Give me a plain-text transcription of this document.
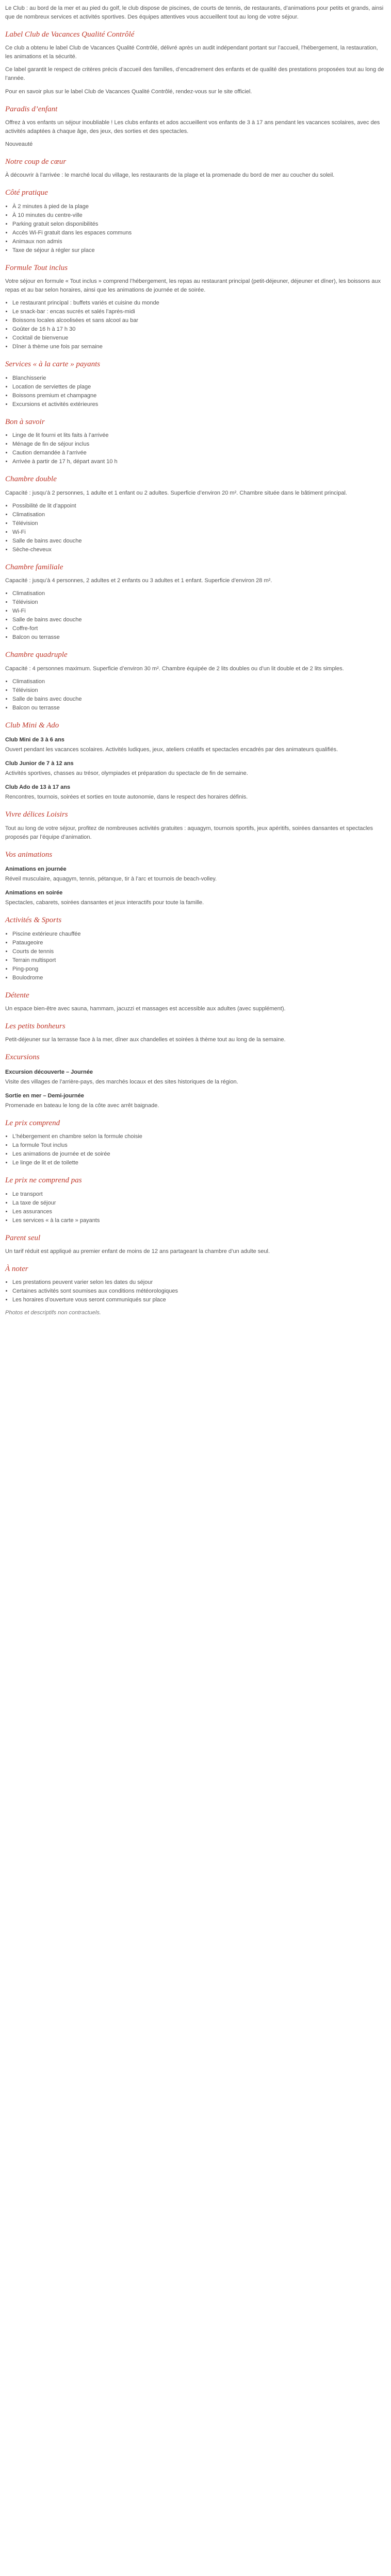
Le Club : au bord de la mer et au pied du golf, le club dispose de piscines, de courts de tennis, de restaurants, d’animations pour petits et grands, ainsi que de nombreux services et activités sportives. Des équipes attentives vous accueillent tout au long de votre séjour.

Label Club de Vacances Qualité Contrôlé

Ce club a obtenu le label Club de Vacances Qualité Contrôlé, délivré après un audit indépendant portant sur l’accueil, l’hébergement, la restauration, les animations et la sécurité.

Ce label garantit le respect de critères précis d’accueil des familles, d’encadrement des enfants et de qualité des prestations proposées tout au long de l’année.

Pour en savoir plus sur le label Club de Vacances Qualité Contrôlé, rendez-vous sur le site officiel.

Paradis d’enfant

Offrez à vos enfants un séjour inoubliable ! Les clubs enfants et ados accueillent vos enfants de 3 à 17 ans pendant les vacances scolaires, avec des activités adaptées à chaque âge, des jeux, des sorties et des spectacles.

Nouveauté

Notre coup de cœur

À découvrir à l’arrivée : le marché local du village, les restaurants de la plage et la promenade du bord de mer au coucher du soleil.

Côté pratique
• À 2 minutes à pied de la plage
• À 10 minutes du centre-ville
• Parking gratuit selon disponibilités
• Accès Wi-Fi gratuit dans les espaces communs
• Animaux non admis
• Taxe de séjour à régler sur place
Formule Tout inclus

Votre séjour en formule « Tout inclus » comprend l’hébergement, les repas au restaurant principal (petit-déjeuner, déjeuner et dîner), les boissons aux repas et au bar selon horaires, ainsi que les animations de journée et de soirée.

• Le restaurant principal : buffets variés et cuisine du monde
• Le snack-bar : encas sucrés et salés l’après-midi
• Boissons locales alcoolisées et sans alcool au bar
• Goûter de 16 h à 17 h 30
• Cocktail de bienvenue
• Dîner à thème une fois par semaine
Services « à la carte » payants
• Blanchisserie
• Location de serviettes de plage
• Boissons premium et champagne
• Excursions et activités extérieures
Bon à savoir
• Linge de lit fourni et lits faits à l’arrivée
• Ménage de fin de séjour inclus
• Caution demandée à l’arrivée
• Arrivée à partir de 17 h, départ avant 10 h
Chambre double

Capacité : jusqu’à 2 personnes, 1 adulte et 1 enfant ou 2 adultes. Superficie d’environ 20 m². Chambre située dans le bâtiment principal.

• Possibilité de lit d’appoint
• Climatisation
• Télévision
• Wi-Fi
• Salle de bains avec douche
• Sèche-cheveux
Chambre familiale

Capacité : jusqu’à 4 personnes, 2 adultes et 2 enfants ou 3 adultes et 1 enfant. Superficie d’environ 28 m².

• Climatisation
• Télévision
• Wi-Fi
• Salle de bains avec douche
• Coffre-fort
• Balcon ou terrasse
Chambre quadruple

Capacité : 4 personnes maximum. Superficie d’environ 30 m². Chambre équipée de 2 lits doubles ou d’un lit double et de 2 lits simples.

• Climatisation
• Télévision
• Salle de bains avec douche
• Balcon ou terrasse
Club Mini & Ado
Club Mini de 3 à 6 ans

Ouvert pendant les vacances scolaires. Activités ludiques, jeux, ateliers créatifs et spectacles encadrés par des animateurs qualifiés.

Club Junior de 7 à 12 ans

Activités sportives, chasses au trésor, olympiades et préparation du spectacle de fin de semaine.

Club Ado de 13 à 17 ans

Rencontres, tournois, soirées et sorties en toute autonomie, dans le respect des horaires définis.

Vivre délices Loisirs

Tout au long de votre séjour, profitez de nombreuses activités gratuites : aquagym, tournois sportifs, jeux apéritifs, soirées dansantes et spectacles proposés par l’équipe d’animation.

Vos animations
Animations en journée

Réveil musculaire, aquagym, tennis, pétanque, tir à l’arc et tournois de beach-volley.

Animations en soirée

Spectacles, cabarets, soirées dansantes et jeux interactifs pour toute la famille.

Activités & Sports
• Piscine extérieure chauffée
• Pataugeoire
• Courts de tennis
• Terrain multisport
• Ping-pong
• Boulodrome
Détente

Un espace bien-être avec sauna, hammam, jacuzzi et massages est accessible aux adultes (avec supplément).

Les petits bonheurs

Petit-déjeuner sur la terrasse face à la mer, dîner aux chandelles et soirées à thème tout au long de la semaine.

Excursions
Excursion découverte – Journée

Visite des villages de l’arrière-pays, des marchés locaux et des sites historiques de la région.

Sortie en mer – Demi-journée

Promenade en bateau le long de la côte avec arrêt baignade.

Le prix comprend
• L’hébergement en chambre selon la formule choisie
• La formule Tout inclus
• Les animations de journée et de soirée
• Le linge de lit et de toilette
Le prix ne comprend pas
• Le transport
• La taxe de séjour
• Les assurances
• Les services « à la carte » payants
Parent seul

Un tarif réduit est appliqué au premier enfant de moins de 12 ans partageant la chambre d’un adulte seul.

À noter
• Les prestations peuvent varier selon les dates du séjour
• Certaines activités sont soumises aux conditions météorologiques
• Les horaires d’ouverture vous seront communiqués sur place

Photos et descriptifs non contractuels.
